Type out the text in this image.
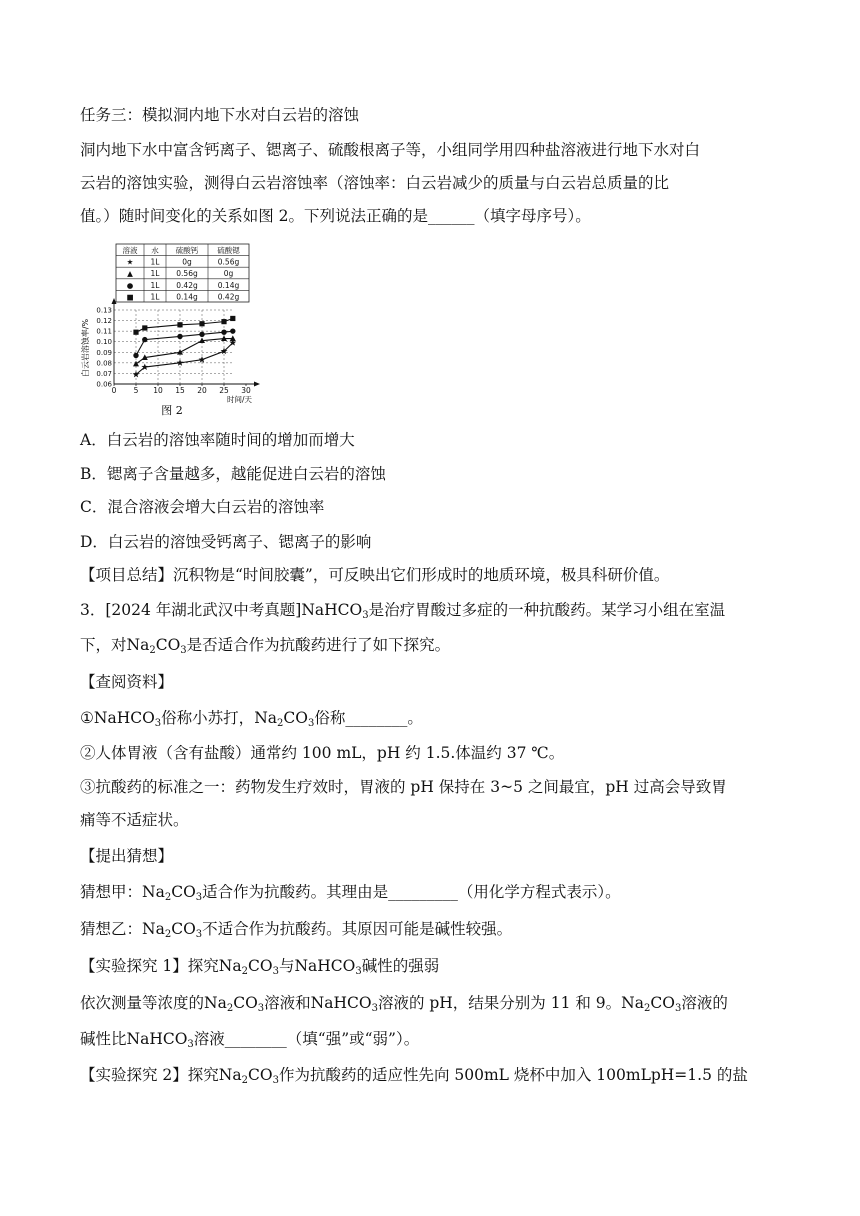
任务三：模拟洞内地下水对白云岩的溶蚀
洞内地下水中富含钙离子、锶离子、硫酸根离子等，小组同学用四种盐溶液进行地下水对白
云岩的溶蚀实验，测得白云岩溶蚀率（溶蚀率：白云岩减少的质量与白云岩总质量的比
值。）随时间变化的关系如图 2。下列说法正确的是______（填字母序号）。
溶液 水 硫酸钙	硫酸锶
★ 1L	0g	0.56g
▲ 1L 0.56g	0g
● 1L 0.42g	0.14g
■ 1L 0.14g	0.42g
0.06
0.07
0.08
0.09
0.10
0.11
0.12
0.13
0 5 10 15 20 25 30
白云岩溶蚀率/%
时间/天
图 2
A．白云岩的溶蚀率随时间的增加而增大
B．锶离子含量越多，越能促进白云岩的溶蚀
C．混合溶液会增大白云岩的溶蚀率
D．白云岩的溶蚀受钙离子、锶离子的影响
【项目总结】沉积物是“时间胶囊”，可反映出它们形成时的地质环境，极具科研价值。
3．[2024 年湖北武汉中考真题]NaHCO$_3$是治疗胃酸过多症的一种抗酸药。某学习小组在室温
下，对$Na_2CO_3$是否适合作为抗酸药进行了如下探究。
【查阅资料】
①NaHCO$_3$俗称小苏打，$Na_2CO_3$俗称________。
②人体胃液（含有盐酸）通常约 100 mL，pH 约 1.5.体温约 37 ℃。
③抗酸药的标准之一：药物发生疗效时，胃液的 pH 保持在 3~5 之间最宜，pH 过高会导致胃
痛等不适症状。
【提出猜想】
猜想甲：$Na_2CO_3$适合作为抗酸药。其理由是_________（用化学方程式表示）。
猜想乙：$Na_2CO_3$不适合作为抗酸药。其原因可能是碱性较强。
【实验探究 1】探究$Na_2CO_3$与NaHCO$_3$碱性的强弱
依次测量等浓度的$Na_2CO_3$溶液和NaHCO$_3$溶液的 pH，结果分别为 11 和 9。$Na_2CO_3$溶液的
碱性比NaHCO$_3$溶液________（填“强”或“弱”）。
【实验探究 2】探究$Na_2CO_3$作为抗酸药的适应性先向 500mL 烧杯中加入 100mLpH=1.5 的盐
